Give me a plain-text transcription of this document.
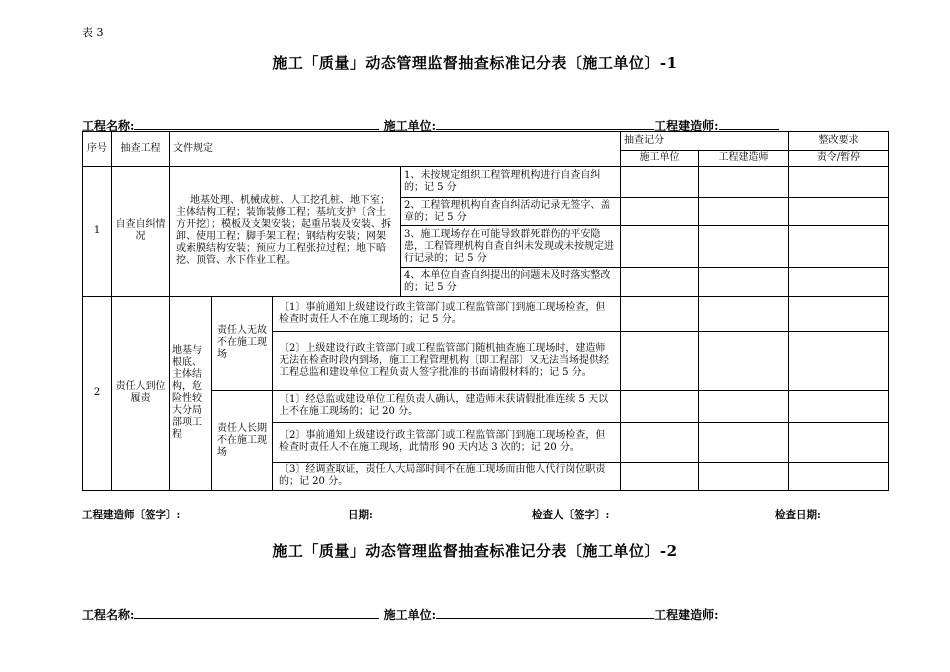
表 3
施工「质量」动态管理监督抽查标准记分表〔施工单位〕-1
工程名称:	施工单位:	工程建造师:
序号	抽查工程	文件规定				抽查记分		整改要求
						施工单位	工程建造师	责令/暂停
1	自查自纠情况	地基处理、机械成桩、人工挖孔桩、地下室；主体结构工程；装饰装修工程；基坑支护〔含土方开挖〕；模板及支架安装；起重吊装及安装、拆卸、使用工程；脚手架工程；钢结构安装；网架或索膜结构安装；预应力工程张拉过程；地下暗挖、顶管、水下作业工程。			1、未按规定组织工程管理机构进行自查自纠的；记 5 分			
					2、工程管理机构自查自纠活动记录无签字、盖章的；记 5 分			
					3、施工现场存在可能导致群死群伤的平安隐患，工程管理机构自查自纠未发现或未按规定进行记录的；记 5 分			
					4、本单位自查自纠提出的问题未及时落实整改的；记 5 分			
2	责任人到位履责	地基与根底、主体结构，危险性较大分局部项工程	责任人无故不在施工现场	〔1〕事前通知上级建设行政主管部门或工程监管部门到施工现场检查，但检查时责任人不在施工现场的；记 5 分。				
				〔2〕上级建设行政主管部门或工程监管部门随机抽查施工现场时，建造师无法在检查时段内到场，施工工程管理机构〔即工程部〕又无法当场提供经工程总监和建设单位工程负责人签字批准的书面请假材料的；记 5 分。				
			责任人长期不在施工现场	〔1〕经总监或建设单位工程负责人确认，建造师未获请假批准连续 5 天以上不在施工现场的；记 20 分。				
				〔2〕事前通知上级建设行政主管部门或工程监管部门到施工现场检查，但检查时责任人不在施工现场，此情形 90 天内达 3 次的；记 20 分。				
				〔3〕经调查取证，责任人大局部时间不在施工现场而由他人代行岗位职责的；记 20 分。				
工程建造师〔签字〕:	日期:	检查人〔签字〕:	检查日期:
施工「质量」动态管理监督抽查标准记分表〔施工单位〕-2
工程名称:	施工单位:	工程建造师:
